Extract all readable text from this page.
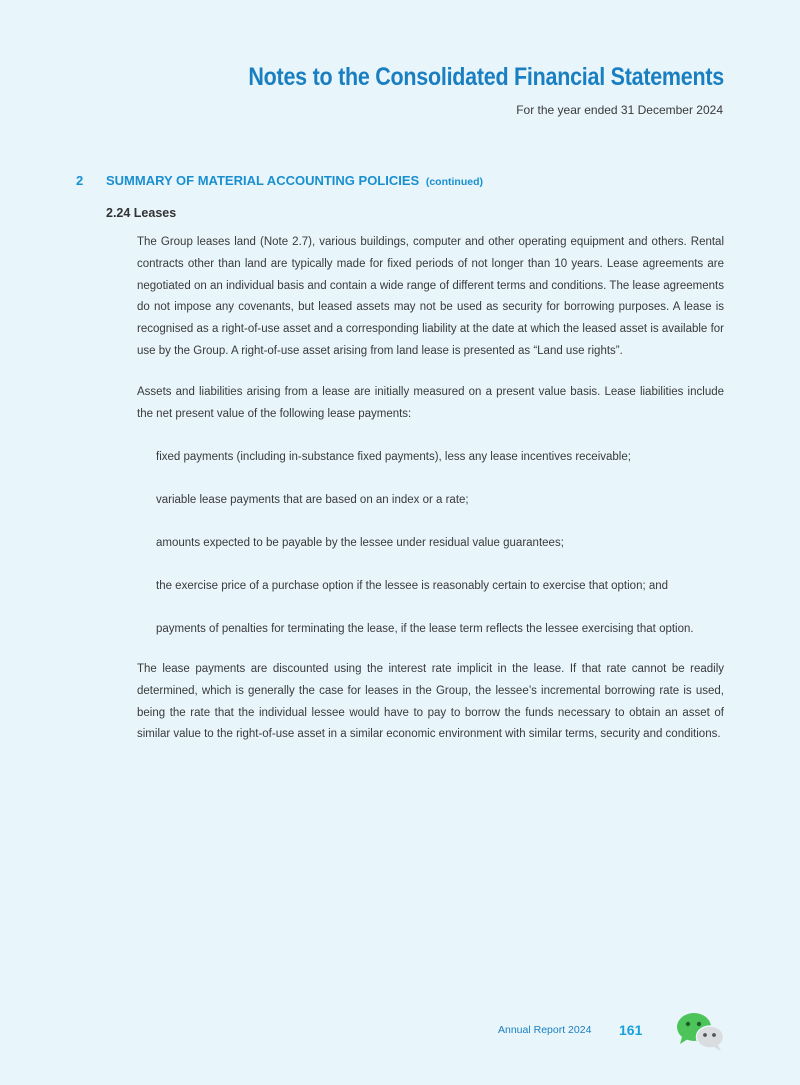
Notes to the Consolidated Financial Statements
For the year ended 31 December 2024
2 SUMMARY OF MATERIAL ACCOUNTING POLICIES (continued)
2.24 Leases

The Group leases land (Note 2.7), various buildings, computer and other operating equipment and others. Rental contracts other than land are typically made for fixed periods of not longer than 10 years. Lease agreements are negotiated on an individual basis and contain a wide range of different terms and conditions. The lease agreements do not impose any covenants, but leased assets may not be used as security for borrowing purposes. A lease is recognised as a right-of-use asset and a corresponding liability at the date at which the leased asset is available for use by the Group. A right-of-use asset arising from land lease is presented as “Land use rights”.

Assets and liabilities arising from a lease are initially measured on a present value basis. Lease liabilities include the net present value of the following lease payments:

fixed payments (including in-substance fixed payments), less any lease incentives receivable;
variable lease payments that are based on an index or a rate;
amounts expected to be payable by the lessee under residual value guarantees;
the exercise price of a purchase option if the lessee is reasonably certain to exercise that option; and
payments of penalties for terminating the lease, if the lease term reflects the lessee exercising that option.

The lease payments are discounted using the interest rate implicit in the lease. If that rate cannot be readily determined, which is generally the case for leases in the Group, the lessee’s incremental borrowing rate is used, being the rate that the individual lessee would have to pay to borrow the funds necessary to obtain an asset of similar value to the right-of-use asset in a similar economic environment with similar terms, security and conditions.

Annual Report 2024 161
